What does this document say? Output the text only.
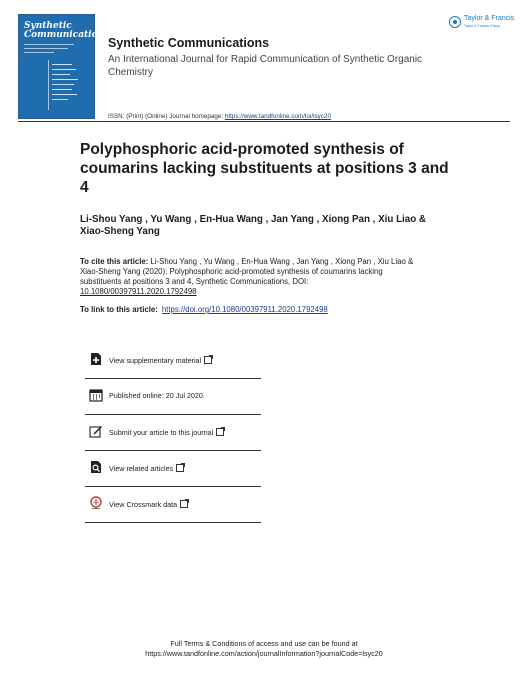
Synthetic
Communications
Synthetic Communications
An International Journal for Rapid Communication of Synthetic Organic Chemistry
ISSN: (Print) (Online) Journal homepage: https://www.tandfonline.com/loi/lsyc20
Taylor & Francis
Taylor & Francis Group
Polyphosphoric acid-promoted synthesis of coumarins lacking substituents at positions 3 and 4
Li-Shou Yang , Yu Wang , En-Hua Wang , Jan Yang , Xiong Pan , Xiu Liao & Xiao-Sheng Yang
To cite this article: Li-Shou Yang , Yu Wang , En-Hua Wang , Jan Yang , Xiong Pan , Xiu Liao & Xiao-Sheng Yang (2020): Polyphosphoric acid-promoted synthesis of coumarins lacking substituents at positions 3 and 4, Synthetic Communications, DOI: 10.1080/00397911.2020.1792498
To link to this article: https://doi.org/10.1080/00397911.2020.1792498
View supplementary material
Published online: 20 Jul 2020.
Submit your article to this journal
View related articles
View Crossmark data
Full Terms & Conditions of access and use can be found at
https://www.tandfonline.com/action/journalInformation?journalCode=lsyc20
